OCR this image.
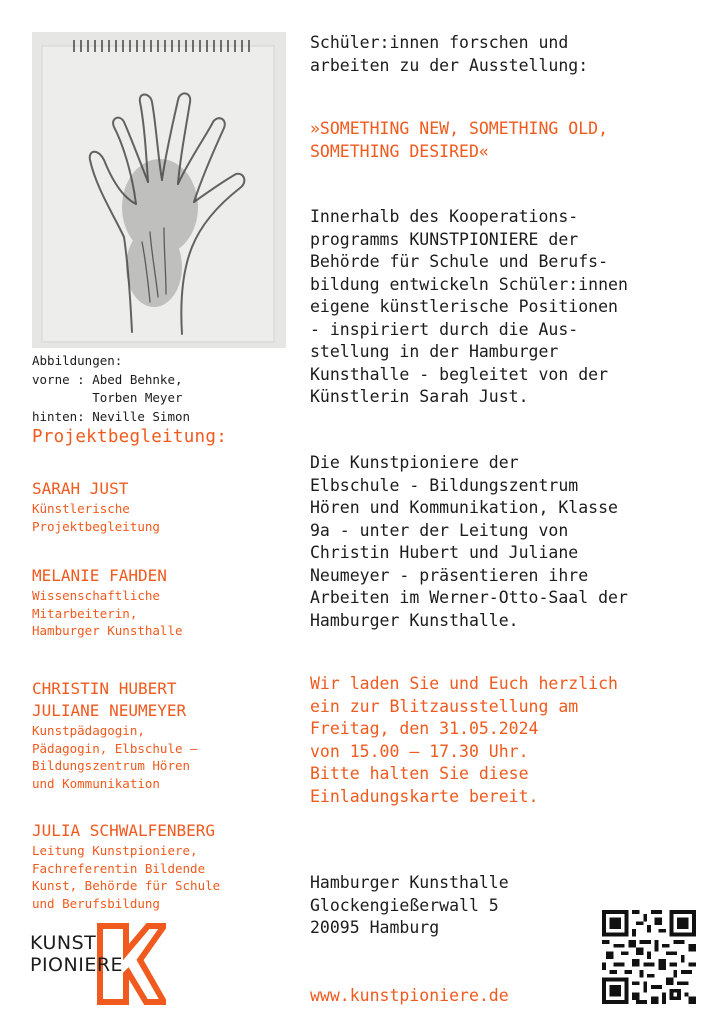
Abbildungen:
vorne : Abed Behnke,
Torben Meyer
hinten: Neville Simon
Projektbegleitung:
SARAH JUST
Künstlerische
Projektbegleitung
MELANIE FAHDEN
Wissenschaftliche
Mitarbeiterin,
Hamburger Kunsthalle
CHRISTIN HUBERT
JULIANE NEUMEYER
Kunstpädagogin,
Pädagogin, Elbschule –
Bildungszentrum Hören
und Kommunikation
JULIA SCHWALFENBERG
Leitung Kunstpioniere,
Fachreferentin Bildende
Kunst, Behörde für Schule
und Berufsbildung
KUNST
PIONIERE
Schüler:innen forschen und
arbeiten zu der Ausstellung:
»SOMETHING NEW, SOMETHING OLD,
SOMETHING DESIRED«
Innerhalb des Kooperations-
programms KUNSTPIONIERE der
Behörde für Schule und Berufs-
bildung entwickeln Schüler:innen
eigene künstlerische Positionen
- inspiriert durch die Aus-
stellung in der Hamburger
Kunsthalle - begleitet von der
Künstlerin Sarah Just.
Die Kunstpioniere der
Elbschule - Bildungszentrum
Hören und Kommunikation, Klasse
9a - unter der Leitung von
Christin Hubert und Juliane
Neumeyer - präsentieren ihre
Arbeiten im Werner-Otto-Saal der
Hamburger Kunsthalle.
Wir laden Sie und Euch herzlich
ein zur Blitzausstellung am
Freitag, den 31.05.2024
von 15.00 – 17.30 Uhr.
Bitte halten Sie diese
Einladungskarte bereit.
Hamburger Kunsthalle
Glockengießerwall 5
20095 Hamburg
www.kunstpioniere.de
